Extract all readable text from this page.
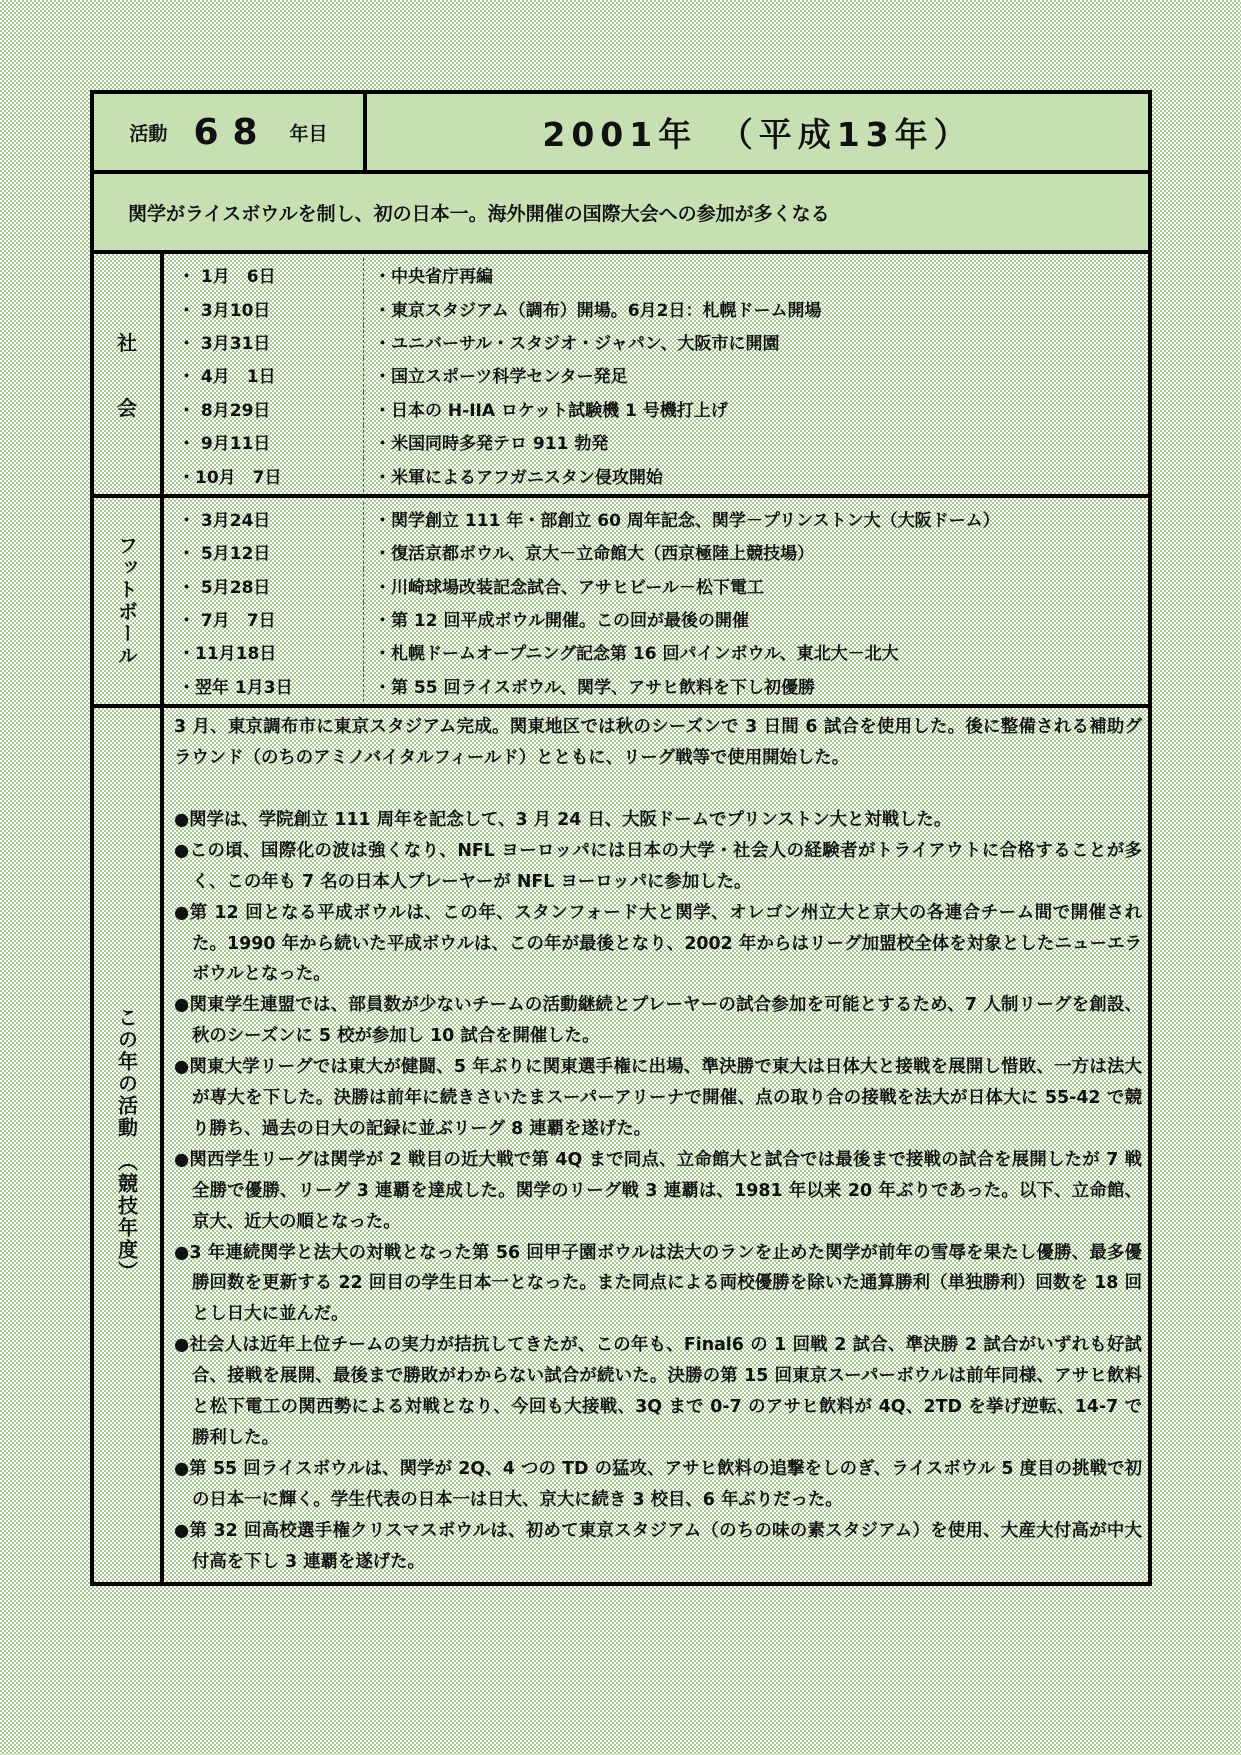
活動 68 年目	2001年　（平成13年）
関学がライスボウルを制し、初の日本一。海外開催の国際大会への参加が多くなる
社
会
・ 1月　6日	・中央省庁再編
・ 3月10日	・東京スタジアム（調布）開場。6月2日：札幌ドーム開場
・ 3月31日	・ユニバーサル・スタジオ・ジャパン、大阪市に開園
・ 4月　1日	・国立スポーツ科学センター発足
・ 8月29日	・日本の H-IIA ロケット試験機 1 号機打上げ
・ 9月11日	・米国同時多発テロ 911 勃発
・10月　7日	・米軍によるアフガニスタン侵攻開始
フットボール
・ 3月24日	・関学創立 111 年・部創立 60 周年記念、関学－プリンストン大（大阪ドーム）
・ 5月12日	・復活京都ボウル、京大－立命館大（西京極陸上競技場）
・ 5月28日	・川崎球場改装記念試合、アサヒビール－松下電工
・ 7月　7日	・第 12 回平成ボウル開催。この回が最後の開催
・11月18日	・札幌ドームオープニング記念第 16 回パインボウル、東北大－北大
・翌年 1月3日	・第 55 回ライスボウル、関学、アサヒ飲料を下し初優勝
この年の活動　（競技年度）

3 月、東京調布市に東京スタジアム完成。関東地区では秋のシーズンで 3 日間 6 試合を使用した。後に整備される補助グラウンド（のちのアミノバイタルフィールド）とともに、リーグ戦等で使用開始した。

●関学は、学院創立 111 周年を記念して、3 月 24 日、大阪ドームでプリンストン大と対戦した。

●この頃、国際化の波は強くなり、NFL ヨーロッパには日本の大学・社会人の経験者がトライアウトに合格することが多く、この年も 7 名の日本人プレーヤーが NFL ヨーロッパに参加した。

●第 12 回となる平成ボウルは、この年、スタンフォード大と関学、オレゴン州立大と京大の各連合チーム間で開催された。1990 年から続いた平成ボウルは、この年が最後となり、2002 年からはリーグ加盟校全体を対象としたニューエラボウルとなった。

●関東学生連盟では、部員数が少ないチームの活動継続とプレーヤーの試合参加を可能とするため、7 人制リーグを創設、秋のシーズンに 5 校が参加し 10 試合を開催した。

●関東大学リーグでは東大が健闘、5 年ぶりに関東選手権に出場、準決勝で東大は日体大と接戦を展開し惜敗、一方は法大が専大を下した。決勝は前年に続きさいたまスーパーアリーナで開催、点の取り合の接戦を法大が日体大に 55-42 で競り勝ち、過去の日大の記録に並ぶリーグ 8 連覇を遂げた。

●関西学生リーグは関学が 2 戦目の近大戦で第 4Q まで同点、立命館大と試合では最後まで接戦の試合を展開したが 7 戦全勝で優勝、リーグ 3 連覇を達成した。関学のリーグ戦 3 連覇は、1981 年以来 20 年ぶりであった。以下、立命館、京大、近大の順となった。

●3 年連続関学と法大の対戦となった第 56 回甲子園ボウルは法大のランを止めた関学が前年の雪辱を果たし優勝、最多優勝回数を更新する 22 回目の学生日本一となった。また同点による両校優勝を除いた通算勝利（単独勝利）回数を 18 回とし日大に並んだ。

●社会人は近年上位チームの実力が拮抗してきたが、この年も、Final6 の 1 回戦 2 試合、準決勝 2 試合がいずれも好試合、接戦を展開、最後まで勝敗がわからない試合が続いた。決勝の第 15 回東京スーパーボウルは前年同様、アサヒ飲料と松下電工の関西勢による対戦となり、今回も大接戦、3Q まで 0-7 のアサヒ飲料が 4Q、2TD を挙げ逆転、14-7 で勝利した。

●第 55 回ライスボウルは、関学が 2Q、4 つの TD の猛攻、アサヒ飲料の追撃をしのぎ、ライスボウル 5 度目の挑戦で初の日本一に輝く。学生代表の日本一は日大、京大に続き 3 校目、6 年ぶりだった。

●第 32 回高校選手権クリスマスボウルは、初めて東京スタジアム（のちの味の素スタジアム）を使用、大産大付高が中大付高を下し 3 連覇を遂げた。
